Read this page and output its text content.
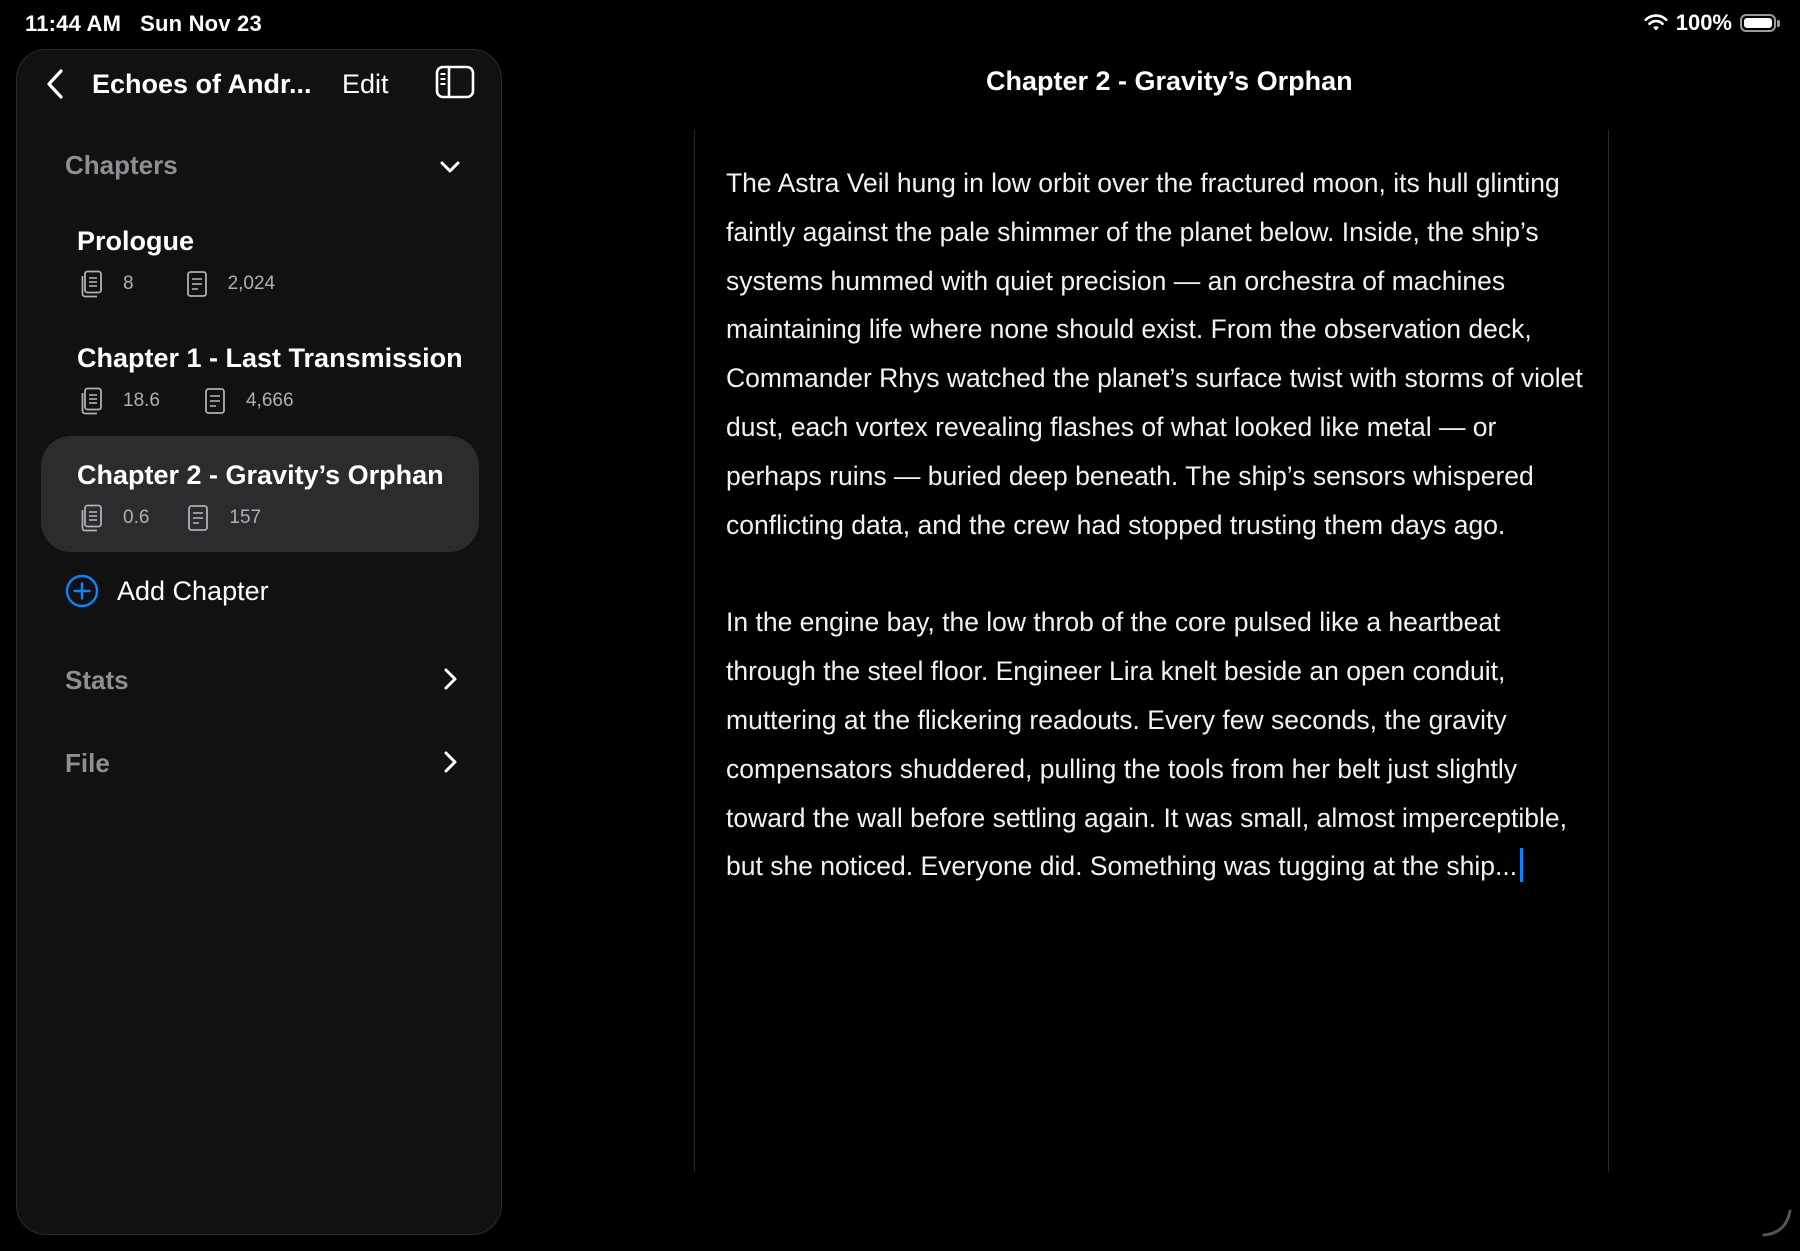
11:44 AM Sun Nov 23	100%
Echoes of Andr... Edit
Chapters
Prologue
8	2,024
Chapter 1 - Last Transmission
18.6	4,666
Chapter 2 - Gravity’s Orphan
0.6	157
Add Chapter
Stats
File
Chapter 2 - Gravity’s Orphan

The Astra Veil hung in low orbit over the fractured moon, its hull glinting faintly against the pale shimmer of the planet below. Inside, the ship’s systems hummed with quiet precision — an orchestra of machines maintaining life where none should exist. From the observation deck, Commander Rhys watched the planet’s surface twist with storms of violet dust, each vortex revealing flashes of what looked like metal — or perhaps ruins — buried deep beneath. The ship’s sensors whispered conflicting data, and the crew had stopped trusting them days ago.

In the engine bay, the low throb of the core pulsed like a heartbeat through the steel floor. Engineer Lira knelt beside an open conduit, muttering at the flickering readouts. Every few seconds, the gravity compensators shuddered, pulling the tools from her belt just slightly toward the wall before settling again. It was small, almost imperceptible, but she noticed. Everyone did. Something was tugging at the ship...
